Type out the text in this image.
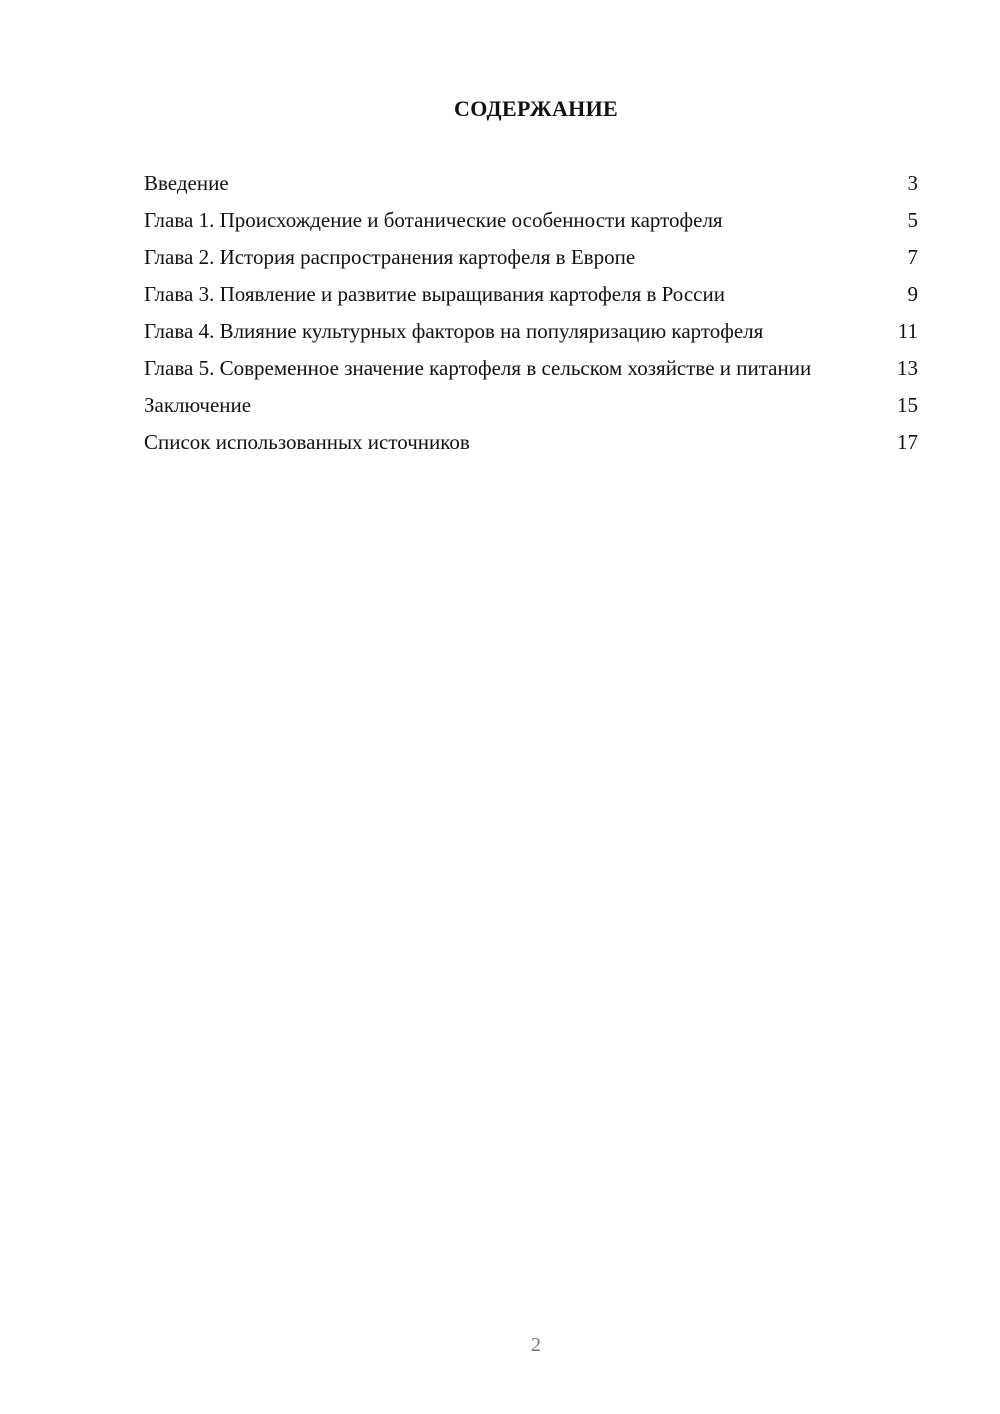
СОДЕРЖАНИЕ
Введение	3
Глава 1. Происхождение и ботанические особенности картофеля	5
Глава 2. История распространения картофеля в Европе	7
Глава 3. Появление и развитие выращивания картофеля в России	9
Глава 4. Влияние культурных факторов на популяризацию картофеля	11
Глава 5. Современное значение картофеля в сельском хозяйстве и питании	13
Заключение	15
Список использованных источников	17
2
